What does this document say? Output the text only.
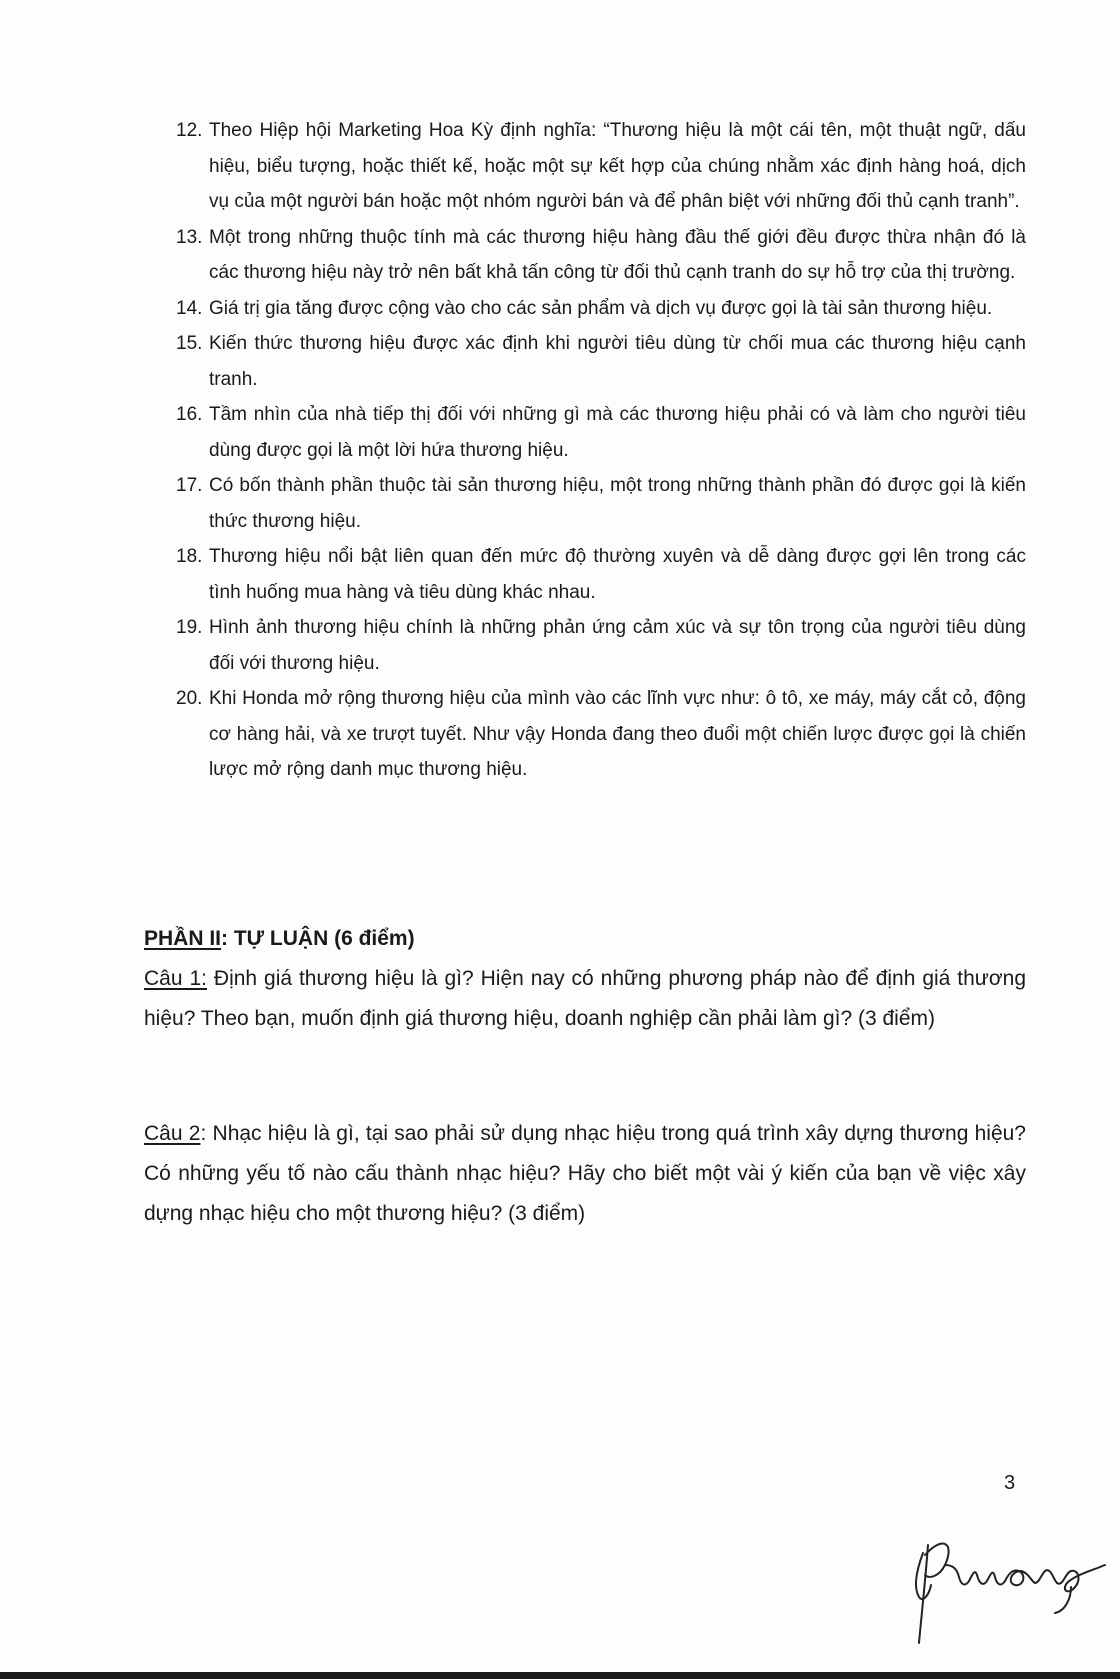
12. Theo Hiệp hội Marketing Hoa Kỳ định nghĩa: “Thương hiệu là một cái tên, một thuật ngữ, dấu hiệu, biểu tượng, hoặc thiết kế, hoặc một sự kết hợp của chúng nhằm xác định hàng hoá, dịch vụ của một người bán hoặc một nhóm người bán và để phân biệt với những đối thủ cạnh tranh”.
13. Một trong những thuộc tính mà các thương hiệu hàng đầu thế giới đều được thừa nhận đó là các thương hiệu này trở nên bất khả tấn công từ đối thủ cạnh tranh do sự hỗ trợ của thị trường.
14. Giá trị gia tăng được cộng vào cho các sản phẩm và dịch vụ được gọi là tài sản thương hiệu.
15. Kiến thức thương hiệu được xác định khi người tiêu dùng từ chối mua các thương hiệu cạnh tranh.
16. Tầm nhìn của nhà tiếp thị đối với những gì mà các thương hiệu phải có và làm cho người tiêu dùng được gọi là một lời hứa thương hiệu.
17. Có bốn thành phần thuộc tài sản thương hiệu, một trong những thành phần đó được gọi là kiến thức thương hiệu.
18. Thương hiệu nổi bật liên quan đến mức độ thường xuyên và dễ dàng được gợi lên trong các tình huống mua hàng và tiêu dùng khác nhau.
19. Hình ảnh thương hiệu chính là những phản ứng cảm xúc và sự tôn trọng của người tiêu dùng đối với thương hiệu.
20. Khi Honda mở rộng thương hiệu của mình vào các lĩnh vực như: ô tô, xe máy, máy cắt cỏ, động cơ hàng hải, và xe trượt tuyết. Như vậy Honda đang theo đuổi một chiến lược được gọi là chiến lược mở rộng danh mục thương hiệu.
PHẦN II: TỰ LUẬN (6 điểm)
Câu 1: Định giá thương hiệu là gì? Hiện nay có những phương pháp nào để định giá thương hiệu? Theo bạn, muốn định giá thương hiệu, doanh nghiệp cần phải làm gì? (3 điểm)
Câu 2: Nhạc hiệu là gì, tại sao phải sử dụng nhạc hiệu trong quá trình xây dựng thương hiệu? Có những yếu tố nào cấu thành nhạc hiệu? Hãy cho biết một vài ý kiến của bạn về việc xây dựng nhạc hiệu cho một thương hiệu? (3 điểm)
3
